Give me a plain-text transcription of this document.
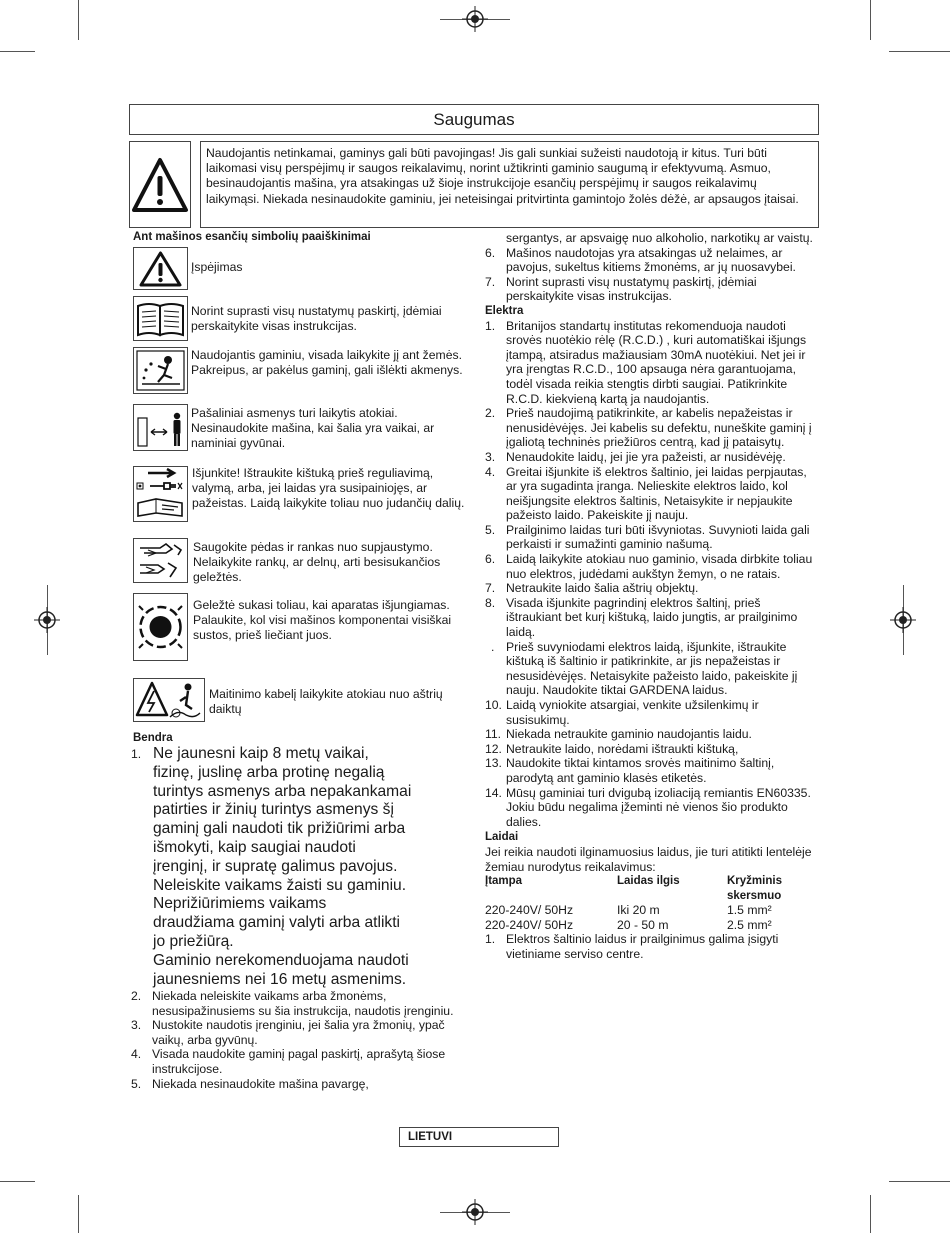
Saugumas
Naudojantis netinkamai, gaminys gali būti pavojingas! Jis gali sunkiai sužeisti naudotoją ir kitus. Turi būti laikomasi visų perspėjimų ir saugos reikalavimų, norint užtikrinti gaminio saugumą ir efektyvumą. Asmuo, besinaudojantis mašina, yra atsakingas už šioje instrukcijoje esančių perspėjimų ir saugos reikalavimų laikymąsi. Niekada nesinaudokite gaminiu, jei neteisingai pritvirtinta gamintojo žolės dėžė, ar apsaugos įtaisai.
Ant mašinos esančių simbolių paaiškinimai
Įspėjimas
Norint suprasti visų nustatymų paskirtį, įdėmiai perskaitykite visas instrukcijas.
Naudojantis gaminiu, visada laikykite jį ant žemės. Pakreipus, ar pakėlus gaminį, gali išlėkti akmenys.
Pašaliniai asmenys turi laikytis atokiai. Nesinaudokite mašina, kai šalia yra vaikai, ar naminiai gyvūnai.
Išjunkite! Ištraukite kištuką prieš reguliavimą, valymą, arba, jei laidas yra susipainiojęs, ar pažeistas. Laidą laikykite toliau nuo judančių dalių.
Saugokite pėdas ir rankas nuo supjaustymo. Nelaikykite rankų, ar delnų, arti besisukančios geležtės.
Geležtė sukasi toliau, kai aparatas išjungiamas. Palaukite, kol visi mašinos komponentai visiškai sustos, prieš liečiant juos.
Maitinimo kabelį laikykite atokiau nuo aštrių daiktų
Bendra
1. Ne jaunesni kaip 8 metų vaikai,
fizinę, juslinę arba protinę negalią
turintys asmenys arba nepakankamai
patirties ir žinių turintys asmenys šį
gaminį gali naudoti tik prižiūrimi arba
išmokyti, kaip saugiai naudoti
įrenginį, ir supratę galimus pavojus.
Neleiskite vaikams žaisti su gaminiu.
Neprižiūrimiems vaikams
draudžiama gaminį valyti arba atlikti
jo priežiūrą.
Gaminio nerekomenduojama naudoti
jaunesniems nei 16 metų asmenims.
2. Niekada neleiskite vaikams arba žmonėms, nesusipažinusiems su šia instrukcija, naudotis įrenginiu.
3. Nustokite naudotis įrenginiu, jei šalia yra žmonių, ypač vaikų, arba gyvūnų.
4. Visada naudokite gaminį pagal paskirtį, aprašytą šiose instrukcijose.
5. Niekada nesinaudokite mašina pavargę,
sergantys, ar apsvaigę nuo alkoholio, narkotikų ar vaistų.
6. Mašinos naudotojas yra atsakingas už nelaimes, ar pavojus, sukeltus kitiems žmonėms, ar jų nuosavybei.
7. Norint suprasti visų nustatymų paskirtį, įdėmiai perskaitykite visas instrukcijas.
Elektra
1. Britanijos standartų institutas rekomenduoja naudoti srovės nuotėkio rėlę (R.C.D.) , kuri automatiškai išjungs įtampą, atsiradus mažiausiam 30mA nuotėkiui. Net jei ir yra įrengtas R.C.D., 100 apsauga nėra garantuojama, todėl visada reikia stengtis dirbti saugiai. Patikrinkite R.C.D. kiekvieną kartą ja naudojantis.
2. Prieš naudojimą patikrinkite, ar kabelis nepažeistas ir nenusidėvėjęs. Jei kabelis su defektu, nuneškite gaminį į įgaliotą techninės priežiūros centrą, kad jį pataisytų.
3. Nenaudokite laidų, jei jie yra pažeisti, ar nusidėvėję.
4. Greitai išjunkite iš elektros šaltinio, jei laidas perpjautas, ar yra sugadinta įranga. Nelieskite elektros laido, kol neišjungsite elektros šaltinis, Netaisykite ir nepjaukite pažeisto laido. Pakeiskite jį nauju.
5. Prailginimo laidas turi būti išvyniotas. Suvynioti laida gali perkaisti ir sumažinti gaminio našumą.
6. Laidą laikykite atokiau nuo gaminio, visada dirbkite toliau nuo elektros, judėdami aukštyn žemyn, o ne ratais.
7. Netraukite laido šalia aštrių objektų.
8. Visada išjunkite pagrindinį elektros šaltinį, prieš ištraukiant bet kurį kištuką, laido jungtis, ar prailginimo laidą.
. Prieš suvyniodami elektros laidą, išjunkite, ištraukite kištuką iš šaltinio ir patikrinkite, ar jis nepažeistas ir nesusidėvėjęs. Netaisykite pažeisto laido, pakeiskite jį nauju. Naudokite tiktai GARDENA laidus.
10. Laidą vyniokite atsargiai, venkite užsilenkimų ir susisukimų.
11. Niekada netraukite gaminio naudojantis laidu.
12. Netraukite laido, norėdami ištraukti kištuką,
13. Naudokite tiktai kintamos srovės maitinimo šaltinį, parodytą ant gaminio klasės etiketės.
14. Mūsų gaminiai turi dvigubą izoliaciją remiantis EN60335. Jokiu būdu negalima įžeminti nė vienos šio produkto dalies.
Laidai
Jei reikia naudoti ilginamuosius laidus, jie turi atitikti lentelėje žemiau nurodytus reikalavimus:
Įtampa	Laidas ilgis	Kryžminis skersmuo
220-240V/ 50Hz	Iki 20 m	1.5 mm²
220-240V/ 50Hz	20 - 50 m	2.5 mm²
1. Elektros šaltinio laidus ir prailginimus galima įsigyti vietiniame serviso centre.
LIETUVI
